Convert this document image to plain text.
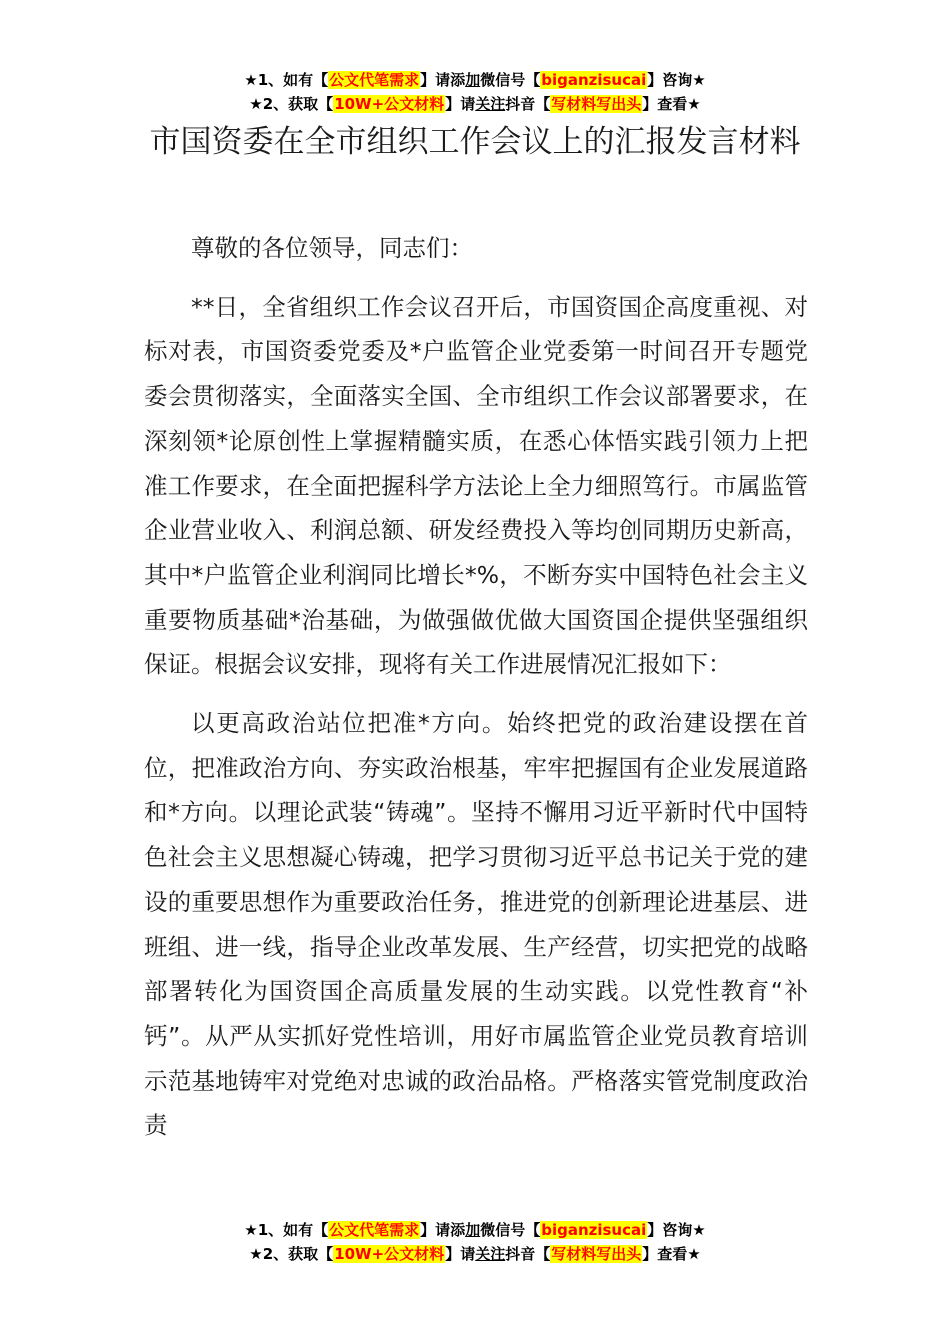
★1、如有【公文代笔需求】请添加微信号【biganzisucai】咨询★
★2、获取【10W+公文材料】请关注抖音【写材料写出头】查看★
市国资委在全市组织工作会议上的汇报发言材料

尊敬的各位领导，同志们：

**日，全省组织工作会议召开后，市国资国企高度重视、对标对表，市国资委党委及*户监管企业党委第一时间召开专题党委会贯彻落实，全面落实全国、全市组织工作会议部署要求，在深刻领*论原创性上掌握精髓实质，在悉心体悟实践引领力上把准工作要求，在全面把握科学方法论上全力细照笃行。市属监管企业营业收入、利润总额、研发经费投入等均创同期历史新高，其中*户监管企业利润同比增长*%，不断夯实中国特色社会主义重要物质基础*治基础，为做强做优做大国资国企提供坚强组织保证。根据会议安排，现将有关工作进展情况汇报如下：

以更高政治站位把准*方向。始终把党的政治建设摆在首位，把准政治方向、夯实政治根基，牢牢把握国有企业发展道路和*方向。以理论武装“铸魂”。坚持不懈用习近平新时代中国特色社会主义思想凝心铸魂，把学习贯彻习近平总书记关于党的建设的重要思想作为重要政治任务，推进党的创新理论进基层、进班组、进一线，指导企业改革发展、生产经营，切实把党的战略部署转化为国资国企高质量发展的生动实践。以党性教育“补钙”。从严从实抓好党性培训，用好市属监管企业党员教育培训示范基地铸牢对党绝对忠诚的政治品格。严格落实管党制度政治责

★1、如有【公文代笔需求】请添加微信号【biganzisucai】咨询★
★2、获取【10W+公文材料】请关注抖音【写材料写出头】查看★
